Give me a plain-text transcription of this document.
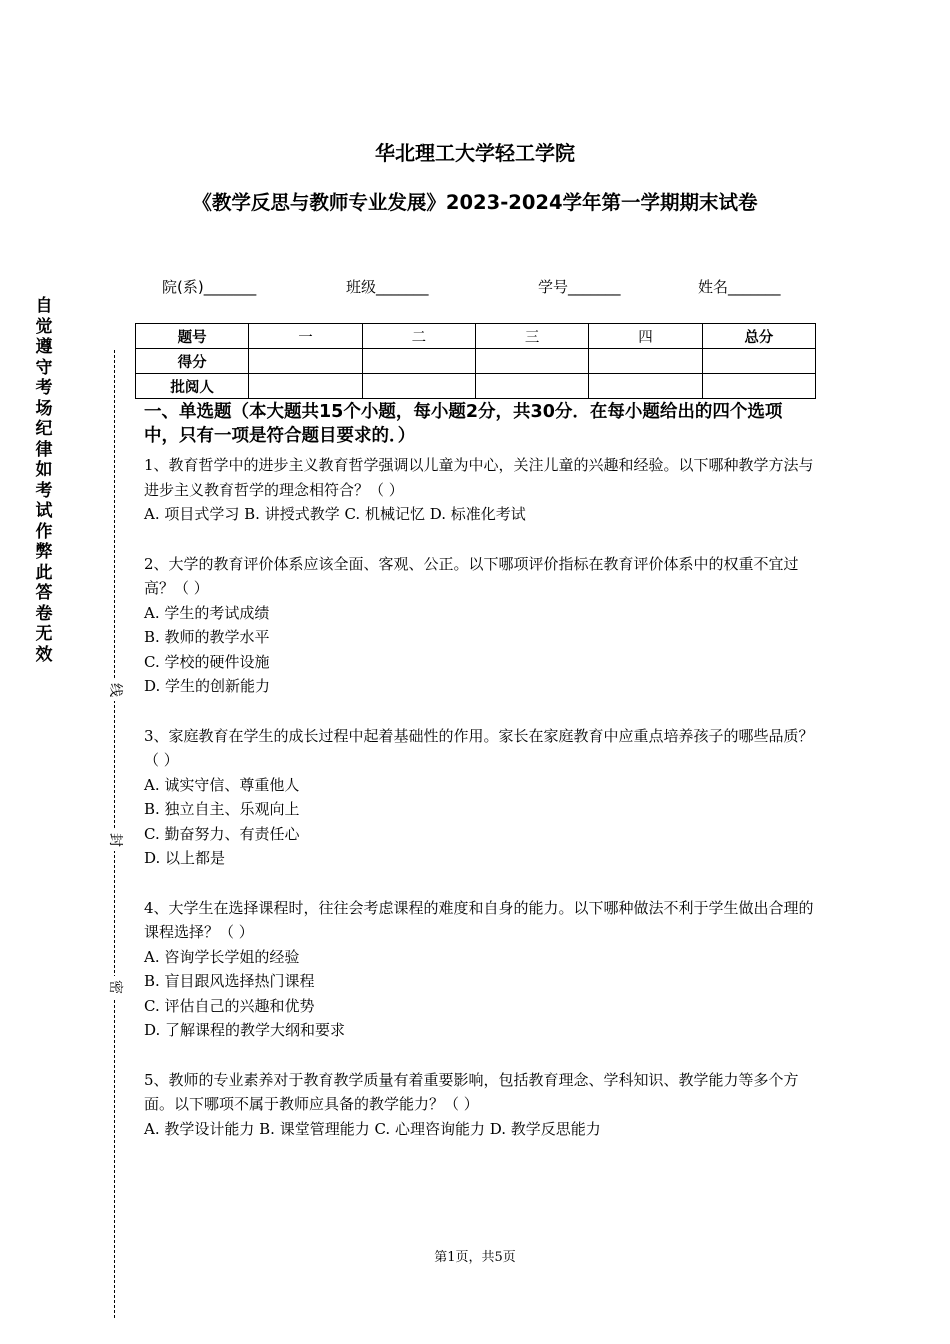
自觉遵守考场纪律如考试作弊此答卷无效
线
封
密
华北理工大学轻工学院
《教学反思与教师专业发展》2023-2024学年第一学期期末试卷
院(系)_______	班级_______	学号_______	姓名_______
题号	一	二	三	四	总分
得分					
批阅人					
一、单选题（本大题共15个小题，每小题2分，共30分．在每小题给出的四个选项中，只有一项是符合题目要求的．）
1、教育哲学中的进步主义教育哲学强调以儿童为中心，关注儿童的兴趣和经验。以下哪种教学方法与进步主义教育哲学的理念相符合？（ ）
A. 项目式学习 B. 讲授式教学 C. 机械记忆 D. 标准化考试
2、大学的教育评价体系应该全面、客观、公正。以下哪项评价指标在教育评价体系中的权重不宜过高？（ ）
A. 学生的考试成绩
B. 教师的教学水平
C. 学校的硬件设施
D. 学生的创新能力
3、家庭教育在学生的成长过程中起着基础性的作用。家长在家庭教育中应重点培养孩子的哪些品质？（ ）
A. 诚实守信、尊重他人
B. 独立自主、乐观向上
C. 勤奋努力、有责任心
D. 以上都是
4、大学生在选择课程时，往往会考虑课程的难度和自身的能力。以下哪种做法不利于学生做出合理的课程选择？（ ）
A. 咨询学长学姐的经验
B. 盲目跟风选择热门课程
C. 评估自己的兴趣和优势
D. 了解课程的教学大纲和要求
5、教师的专业素养对于教育教学质量有着重要影响，包括教育理念、学科知识、教学能力等多个方面。以下哪项不属于教师应具备的教学能力？（ ）
A. 教学设计能力 B. 课堂管理能力 C. 心理咨询能力 D. 教学反思能力
第1页，共5页
